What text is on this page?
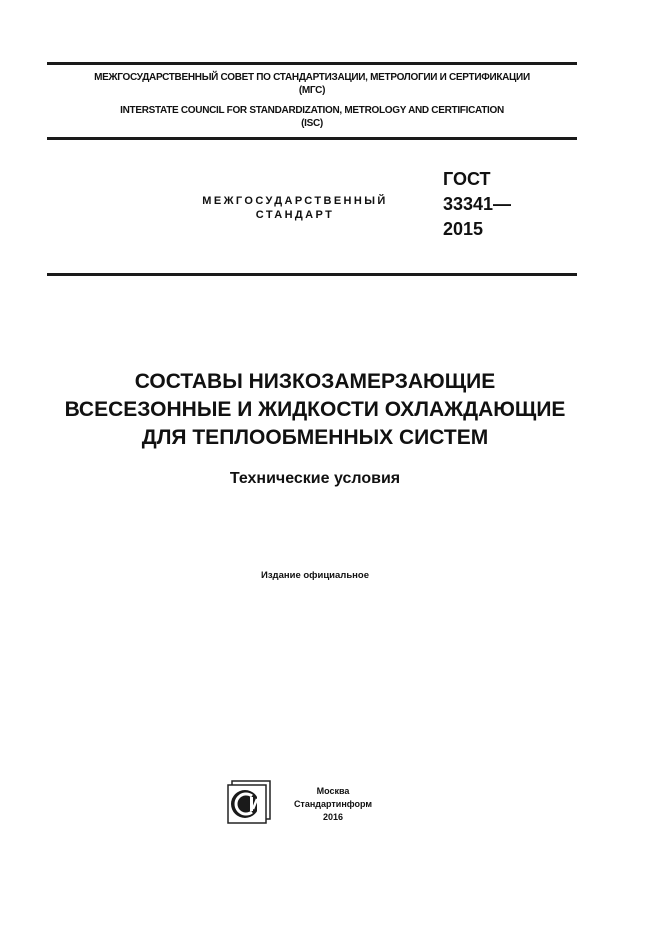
МЕЖГОСУДАРСТВЕННЫЙ СОВЕТ ПО СТАНДАРТИЗАЦИИ, МЕТРОЛОГИИ И СЕРТИФИКАЦИИ
(МГС)
INTERSTATE COUNCIL FOR STANDARDIZATION, METROLOGY AND CERTIFICATION
(ISC)
МЕЖГОСУДАРСТВЕННЫЙ
СТАНДАРТ
ГОСТ
33341—
2015
СОСТАВЫ НИЗКОЗАМЕРЗАЮЩИЕ
ВСЕСЕЗОННЫЕ И ЖИДКОСТИ ОХЛАЖДАЮЩИЕ
ДЛЯ ТЕПЛООБМЕННЫХ СИСТЕМ
Технические условия
Издание официальное
Москва
Стандартинформ
2016
